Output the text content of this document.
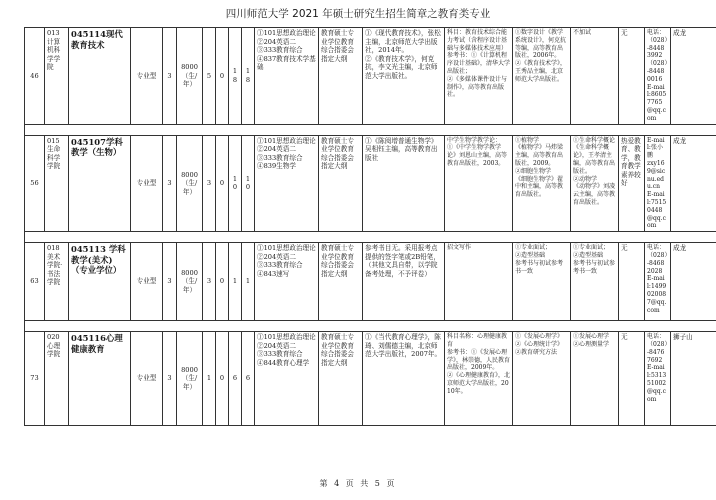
四川师范大学 2021 年硕士研究生招生简章之教育类专业
46	013计算机科学学院	045114现代教育技术	专业型	3	8000（生/年）	5	0	18	18	①101思想政治理论
②204英语二
③333教育综合
④837教育技术学基础	教育硕士专业学位教育综合指委会指定大纲	①《现代教育技术》，张松主编，北京师范大学出版社，2014年。
②《教育技术学》，何克抗，李文光主编，北京师范大学出版社。	科目：教育技术综合能力考试（含程序设计基础与多媒体技术应用）
参考书：①《计算机程序设计基础》，清华大学出版社；
②《多媒体课件设计与制作》，高等教育出版社。	①数字设计《教学系统设计》，何克抗等编，高等教育出版社，2006年。
②《教育技术学》，王秀品主编，北京师范大学出版社。	不加试	无	电话：（028）-84483992
（028）-84480016
E-mail:86057765@qq.com	成龙

56	015生命科学学院	045107学科教学（生物）	专业型	3	8000（生/年）	3	0	10	10	①101思想政治理论
②204英语二
③333教育综合
④839生物学	教育硕士专业学位教育综合指委会指定大纲	①《陈阅增普通生物学》吴相钰主编，高等教育出版社	中学生物学教学论：
①《中学生物学教学论》刘恩山主编，高等教育出版社，2003。	①植物学
《植物学》马炜梁主编，高等教育出版社，2009。
②细胞生物学
《细胞生物学》翟中和主编，高等教育出版社。	①生命科学概论
《生命科学概论》，王孝清主编，高等教育出版社。
②动物学
《动物学》刘凌云主编，高等教育出版社。	热爱教育、教学，教育教学素养较好	E-mail:张小鹏
zxy169@sicnu.edu.cn
E-mail:75150448@qq.com	成龙

63	018美术学院·书法学院	045113 学科教学(美术)（专业学位）	专业型	3	8000（生/年）	3	0	1	1	①101思想政治理论
②204英语二
③333教育综合
④843速写	教育硕士专业学位教育综合指委会指定大纲	参考书目无。采用报考点提供的签字笔或2B铅笔，（其他文具自带，以学院备考处理，不予评卷）	招文写作	①专业面试；
②造型基础
参考书与初试参考书一致	①专业面试；
②造型基础
参考书与初试参考书一致	无	电话：（028）-84682028
E-mail:1499020087@qq.com	成龙

73	020心理学院	045116心理健康教育	专业型	3	8000（生/年）	1	0	6	6	①101思想政治理论
②204英语二
③333教育综合
④844教育心理学	教育硕士专业学位教育综合指委会指定大纲	①《当代教育心理学》，陈琦、刘儒德主编，北京师范大学出版社，2007年。	科目名称：心理健康教育
参考书：①《发展心理学》，林崇德，人民教育出版社，2009年。
②《心理健康教育》，北京师范大学出版社，2010年。	①《发展心理学》
②《心理统计学》
②教育研究方法	①发展心理学
②心理测量学	无	电话：（028）-84767692
E-mail:531351002@qq.com	狮子山
第 4 页 共 5 页
